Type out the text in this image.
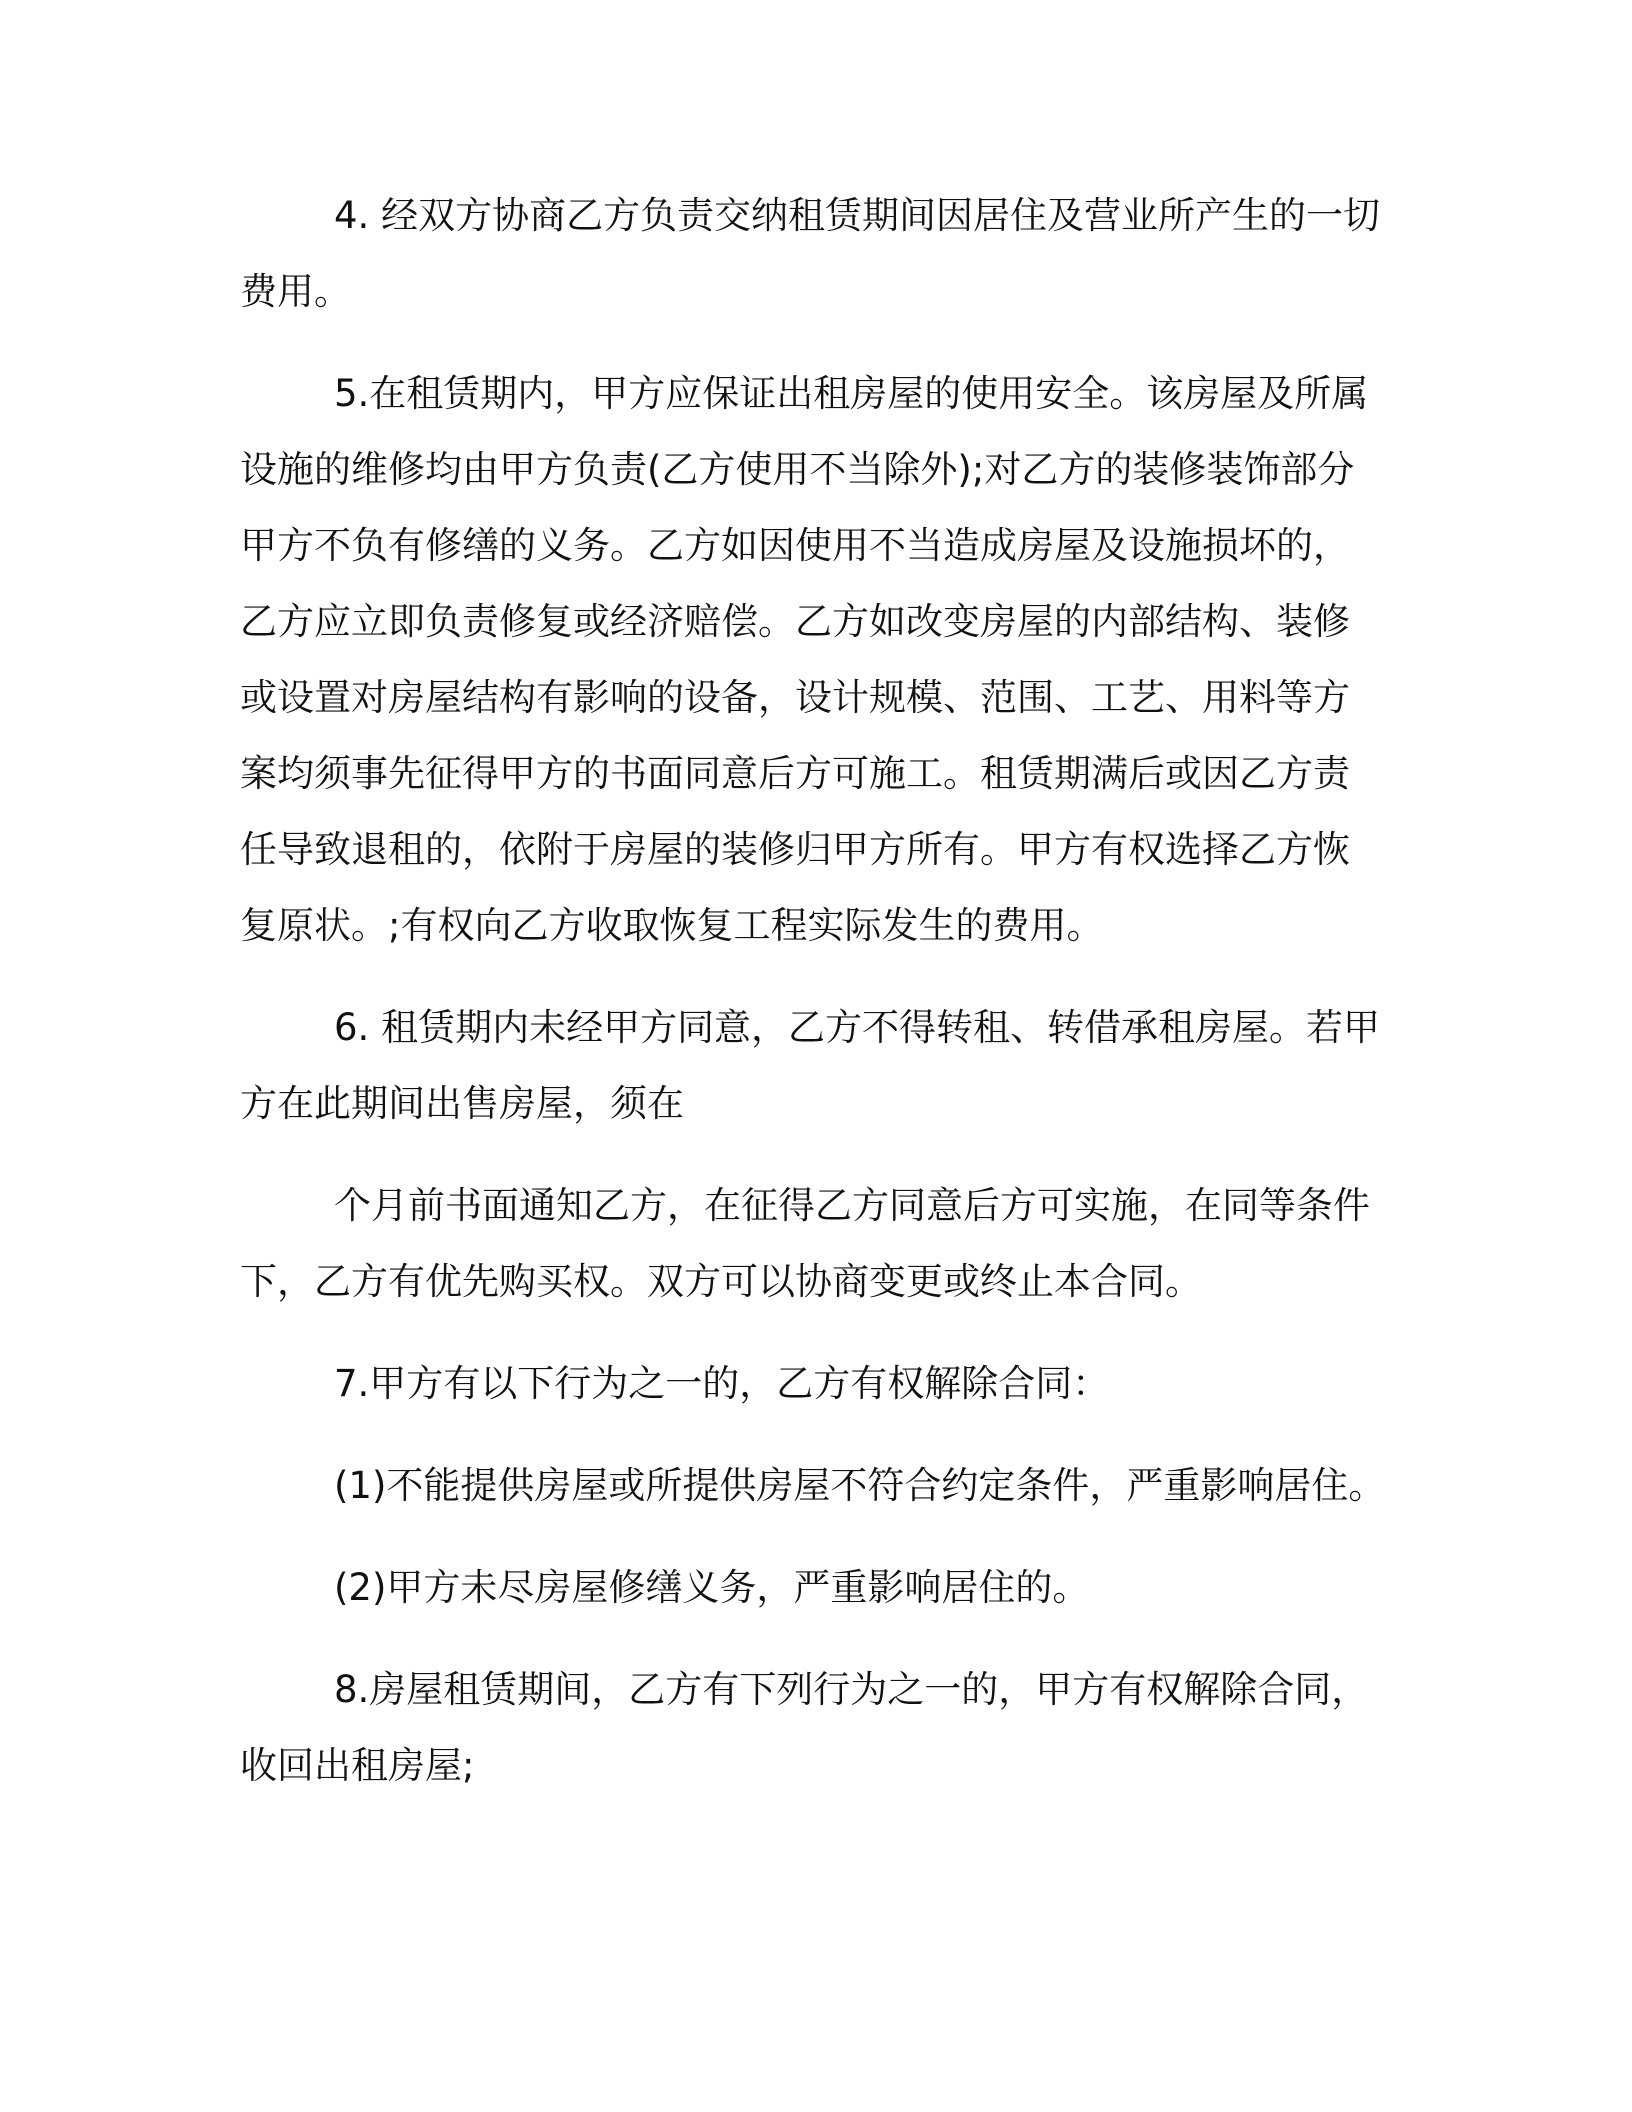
4. 经双方协商乙方负责交纳租赁期间因居住及营业所产生的一切
费用。

5.在租赁期内，甲方应保证出租房屋的使用安全。该房屋及所属
设施的维修均由甲方负责(乙方使用不当除外);对乙方的装修装饰部分
甲方不负有修缮的义务。乙方如因使用不当造成房屋及设施损坏的，
乙方应立即负责修复或经济赔偿。乙方如改变房屋的内部结构、装修
或设置对房屋结构有影响的设备，设计规模、范围、工艺、用料等方
案均须事先征得甲方的书面同意后方可施工。租赁期满后或因乙方责
任导致退租的，依附于房屋的装修归甲方所有。甲方有权选择乙方恢
复原状。;有权向乙方收取恢复工程实际发生的费用。

6. 租赁期内未经甲方同意，乙方不得转租、转借承租房屋。若甲
方在此期间出售房屋，须在

个月前书面通知乙方，在征得乙方同意后方可实施，在同等条件
下，乙方有优先购买权。双方可以协商变更或终止本合同。

7.甲方有以下行为之一的，乙方有权解除合同：

(1)不能提供房屋或所提供房屋不符合约定条件，严重影响居住。

(2)甲方未尽房屋修缮义务，严重影响居住的。

8.房屋租赁期间，乙方有下列行为之一的，甲方有权解除合同，
收回出租房屋;
